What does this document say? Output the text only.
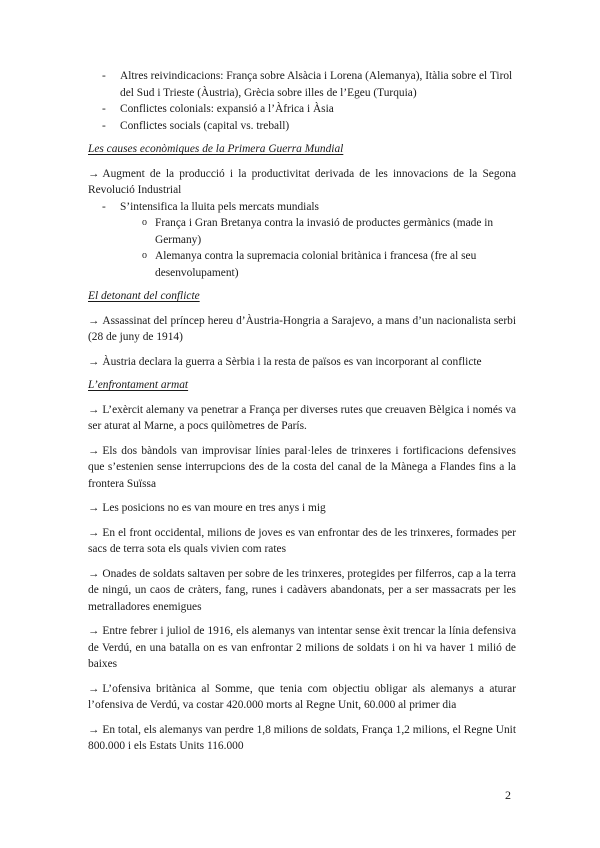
- Altres reivindicacions: França sobre Alsàcia i Lorena (Alemanya), Itàlia sobre el Tirol del Sud i Trieste (Àustria), Grècia sobre illes de l’Egeu (Turquia)
- Conflictes colonials: expansió a l’Àfrica i Àsia
- Conflictes socials (capital vs. treball)
Les causes econòmiques de la Primera Guerra Mundial

→ Augment de la producció i la productivitat derivada de les innovacions de la Segona Revolució Industrial

- S’intensifica la lluita pels mercats mundials
o França i Gran Bretanya contra la invasió de productes germànics (made in Germany)
o Alemanya contra la supremacia colonial britànica i francesa (fre al seu desenvolupament)
El detonant del conflicte

→ Assassinat del príncep hereu d’Àustria-Hongria a Sarajevo, a mans d’un nacionalista serbi (28 de juny de 1914)

→ Àustria declara la guerra a Sèrbia i la resta de països es van incorporant al conflicte

L’enfrontament armat

→ L’exèrcit alemany va penetrar a França per diverses rutes que creuaven Bèlgica i només va ser aturat al Marne, a pocs quilòmetres de París.

→ Els dos bàndols van improvisar línies paral·leles de trinxeres i fortificacions defensives que s’estenien sense interrupcions des de la costa del canal de la Mànega a Flandes fins a la frontera Suïssa

→ Les posicions no es van moure en tres anys i mig

→ En el front occidental, milions de joves es van enfrontar des de les trinxeres, formades per sacs de terra sota els quals vivien com rates

→ Onades de soldats saltaven per sobre de les trinxeres, protegides per filferros, cap a la terra de ningú, un caos de cràters, fang, runes i cadàvers abandonats, per a ser massacrats per les metralladores enemigues

→ Entre febrer i juliol de 1916, els alemanys van intentar sense èxit trencar la línia defensiva de Verdú, en una batalla on es van enfrontar 2 milions de soldats i on hi va haver 1 milió de baixes

→ L’ofensiva britànica al Somme, que tenia com objectiu obligar als alemanys a aturar l’ofensiva de Verdú, va costar 420.000 morts al Regne Unit, 60.000 al primer dia

→ En total, els alemanys van perdre 1,8 milions de soldats, França 1,2 milions, el Regne Unit 800.000 i els Estats Units 116.000

2
